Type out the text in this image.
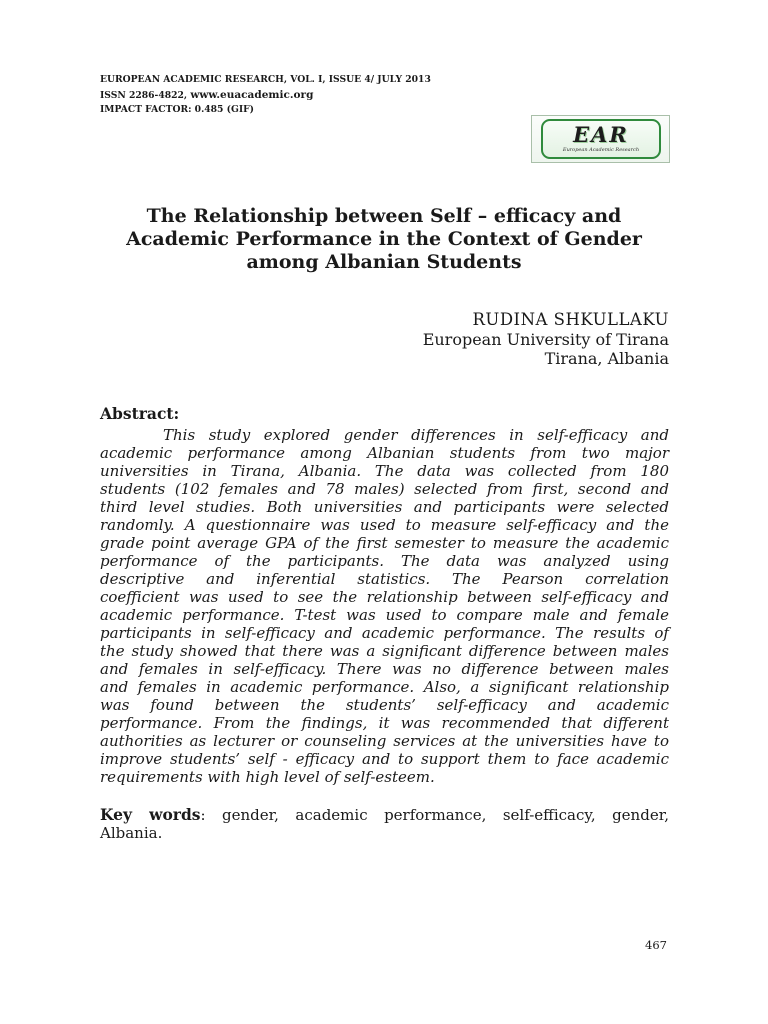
EUROPEAN ACADEMIC RESEARCH, VOL. I, ISSUE 4/ JULY 2013
ISSN 2286-4822, www.euacademic.org
IMPACT FACTOR: 0.485 (GIF)
EAR
European Academic Research
The Relationship between Self – efficacy and
Academic Performance in the Context of Gender
among Albanian Students
RUDINA SHKULLAKU
European University of Tirana
Tirana, Albania
Abstract:
This study explored gender differences in self-efficacy and
academic performance among Albanian students from two major
universities in Tirana, Albania. The data was collected from 180
students (102 females and 78 males) selected from first, second and
third level studies. Both universities and participants were selected
randomly. A questionnaire was used to measure self-efficacy and the
grade point average GPA of the first semester to measure the academic
performance of the participants. The data was analyzed using
descriptive and inferential statistics. The Pearson correlation
coefficient was used to see the relationship between self-efficacy and
academic performance. T-test was used to compare male and female
participants in self-efficacy and academic performance. The results of
the study showed that there was a significant difference between males
and females in self-efficacy. There was no difference between males
and females in academic performance. Also, a significant relationship
was found between the students’ self-efficacy and academic
performance. From the findings, it was recommended that different
authorities as lecturer or counseling services at the universities have to
improve students’ self - efficacy and to support them to face academic
requirements with high level of self-esteem.
Key words: gender, academic performance, self-efficacy, gender,
Albania.
467
